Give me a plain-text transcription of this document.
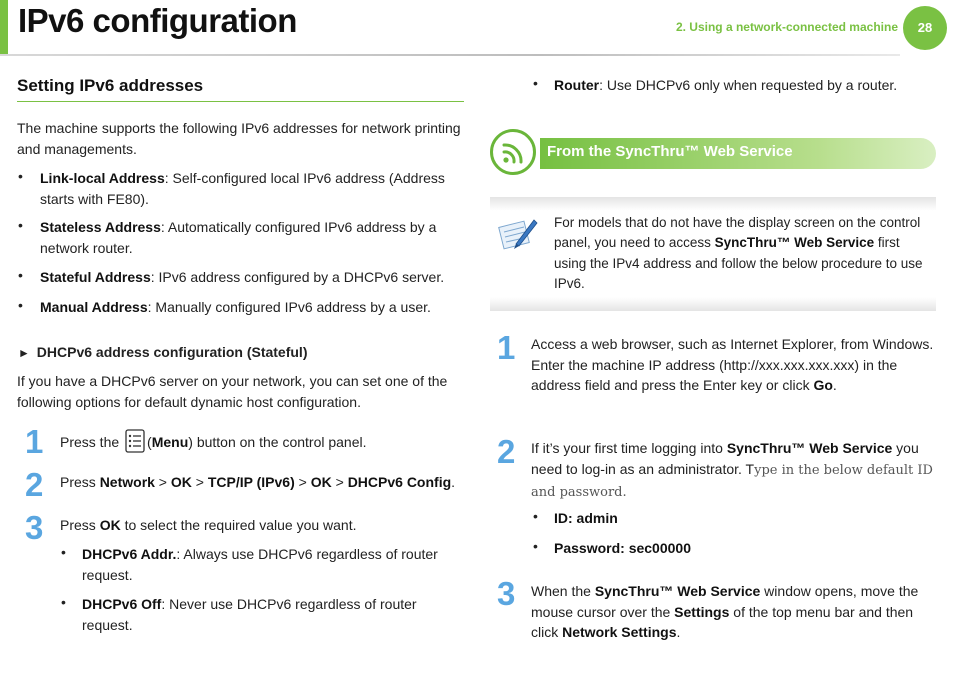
IPv6 configuration	2. Using a network-connected machine	28
Setting IPv6 addresses
The machine supports the following IPv6 addresses for network printing and managements.
• Link-local Address: Self-configured local IPv6 address (Address starts with FE80).
• Stateless Address: Automatically configured IPv6 address by a network router.
• Stateful Address: IPv6 address configured by a DHCPv6 server.
• Manual Address: Manually configured IPv6 address by a user.
► DHCPv6 address configuration (Stateful)
If you have a DHCPv6 server on your network, you can set one of the following options for default dynamic host configuration.
1 Press the (Menu) button on the control panel.
2 Press Network > OK > TCP/IP (IPv6) > OK > DHCPv6 Config.
3 Press OK to select the required value you want.
• DHCPv6 Addr.: Always use DHCPv6 regardless of router request.
• DHCPv6 Off: Never use DHCPv6 regardless of router request.
• Router: Use DHCPv6 only when requested by a router.
From the SyncThru™ Web Service
For models that do not have the display screen on the control panel, you need to access SyncThru™ Web Service first using the IPv4 address and follow the below procedure to use IPv6.
1 Access a web browser, such as Internet Explorer, from Windows. Enter the machine IP address (http://xxx.xxx.xxx.xxx) in the address field and press the Enter key or click Go.
2 If it’s your first time logging into SyncThru™ Web Service you need to log-in as an administrator. Type in the below default ID and password.
• ID: admin
• Password: sec00000
3 When the SyncThru™ Web Service window opens, move the mouse cursor over the Settings of the top menu bar and then click Network Settings.
